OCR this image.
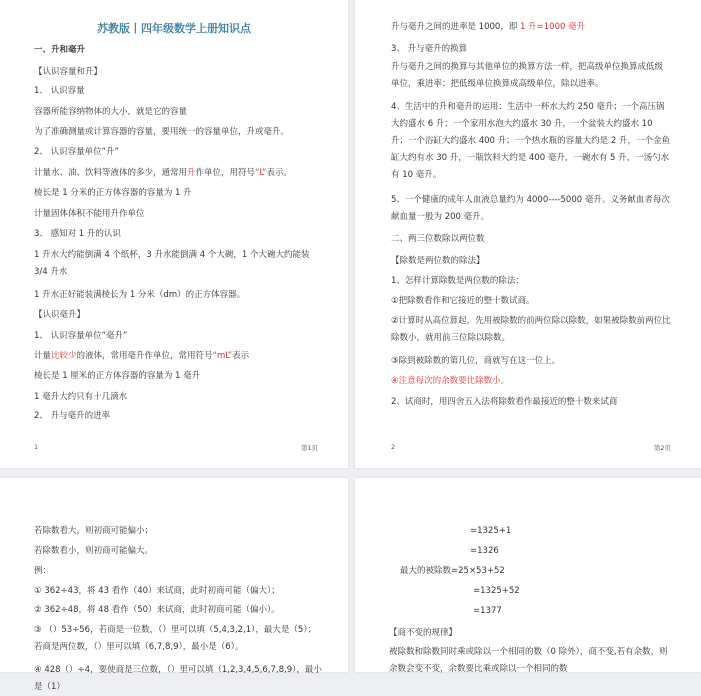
苏教版丨四年级数学上册知识点
一、升和毫升
【认识容量和升】
1、 认识容量
容器所能容纳物体的大小，就是它的容量
为了准确测量或计算容器的容量，要用统一的容量单位，升或毫升。
2、 认识容量单位“升”
计量水、油、饮料等液体的多少，通常用升作单位，用符号“L”表示。
棱长是 1 分米的正方体容器的容量为 1 升
计量固体体积不能用升作单位
3、 感知对 1 升的认识
1 升水大约能倒满 4 个纸杯，3 升水能倒满 4 个大碗，1 个大碗大约能装 3/4 升水
1 升水正好能装满棱长为 1 分米（dm）的正方体容器。
【认识毫升】
1、 认识容量单位“毫升”
计量比较少的液体，常用毫升作单位，常用符号“mL”表示
棱长是 1 厘米的正方体容器的容量为 1 毫升
1 毫升大约只有十几滴水
2、 升与毫升的进率
1	第1页
升与毫升之间的进率是 1000，即 1 升=1000 毫升
3、 升与毫升的换算
升与毫升之间的换算与其他单位的换算方法一样，把高级单位换算成低级单位，乘进率；把低级单位换算成高级单位，除以进率。
4、生活中的升和毫升的运用：生活中一杯水大约 250 毫升；一个高压锅大约盛水 6 升；一个家用水泡大约盛水 30 升，一个盆装大约盛水 10 升；一个浴缸大约盛水 400 升；一个热水瓶的容量大约是 2 升，一个金鱼缸大约有水 30 升，一瓶饮料大约是 400 毫升，一碗水有 5 升，一汤勺水有 10 毫升。
5、一个健康的成年人血液总量约为 4000----5000 毫升。义务献血者每次献血量一般为 200 毫升。
二、两三位数除以两位数
【除数是两位数的除法】
1、怎样计算除数是两位数的除法：
①把除数看作和它接近的整十数试商。
②计算时从高位算起，先用被除数的前两位除以除数，如果被除数前两位比除数小，就用前三位除以除数。
③除到被除数的第几位，商就写在这一位上。
④注意每次的余数要比除数小。
2、试商时，用四舍五入法将除数看作最接近的整十数来试商
2	第2页
若除数看大，则初商可能偏小；
若除数看小，则初商可能偏大。
例：
① 362÷43，将 43 看作（40）来试商，此时初商可能（偏大）；
② 362÷48，将 48 看作（50）来试商，此时初商可能（偏小）。
③ （）53÷56，若商是一位数，（）里可以填（5,4,3,2,1），最大是（5）；若商是两位数，（）里可以填（6,7,8,9），最小是（6）。
④ 428（）÷4，要使商是三位数，（）里可以填（1,2,3,4,5,6,7,8,9），最小是（1）
=1325+1
=1326
最大的被除数=25×53+52
=1325+52
=1377
【商不变的规律】
被除数和除数同时乘或除以一个相同的数（0 除外），商不变,若有余数，则余数会变不变，余数要比乘或除以一个相同的数
